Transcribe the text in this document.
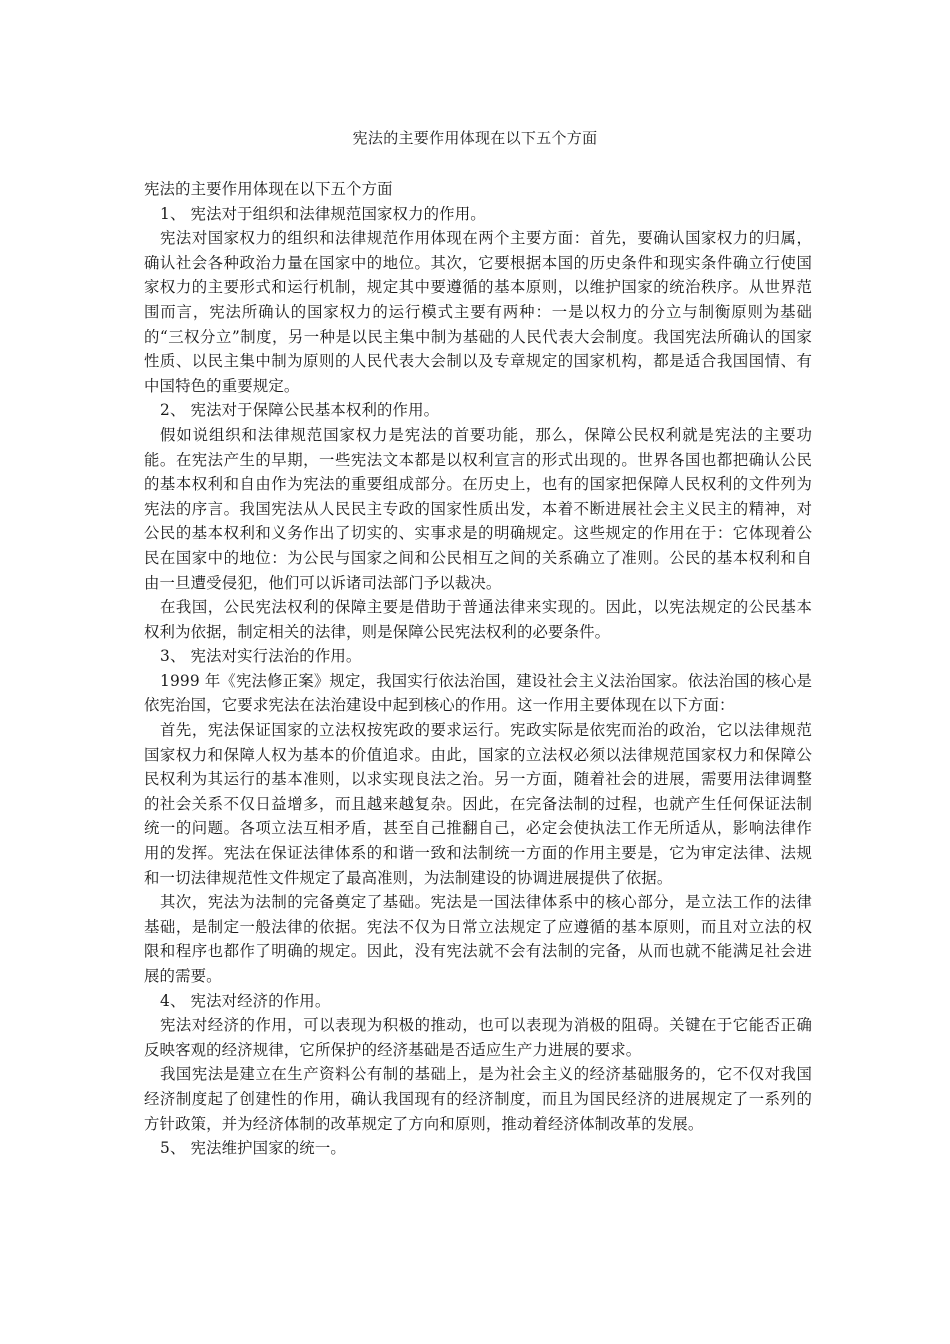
宪法的主要作用体现在以下五个方面

宪法的主要作用体现在以下五个方面

1、 宪法对于组织和法律规范国家权力的作用。

宪法对国家权力的组织和法律规范作用体现在两个主要方面：首先，要确认国家权力的归属，确认社会各种政治力量在国家中的地位。其次，它要根据本国的历史条件和现实条件确立行使国家权力的主要形式和运行机制，规定其中要遵循的基本原则，以维护国家的统治秩序。从世界范围而言，宪法所确认的国家权力的运行模式主要有两种：一是以权力的分立与制衡原则为基础的“三权分立”制度，另一种是以民主集中制为基础的人民代表大会制度。我国宪法所确认的国家性质、以民主集中制为原则的人民代表大会制以及专章规定的国家机构，都是适合我国国情、有中国特色的重要规定。

2、 宪法对于保障公民基本权利的作用。

假如说组织和法律规范国家权力是宪法的首要功能，那么，保障公民权利就是宪法的主要功能。在宪法产生的早期，一些宪法文本都是以权利宣言的形式出现的。世界各国也都把确认公民的基本权利和自由作为宪法的重要组成部分。在历史上，也有的国家把保障人民权利的文件列为宪法的序言。我国宪法从人民民主专政的国家性质出发，本着不断进展社会主义民主的精神，对公民的基本权利和义务作出了切实的、实事求是的明确规定。这些规定的作用在于：它体现着公民在国家中的地位：为公民与国家之间和公民相互之间的关系确立了准则。公民的基本权利和自由一旦遭受侵犯，他们可以诉诸司法部门予以裁决。

在我国，公民宪法权利的保障主要是借助于普通法律来实现的。因此，以宪法规定的公民基本权利为依据，制定相关的法律，则是保障公民宪法权利的必要条件。

3、 宪法对实行法治的作用。

1999 年《宪法修正案》规定，我国实行依法治国，建设社会主义法治国家。依法治国的核心是依宪治国，它要求宪法在法治建设中起到核心的作用。这一作用主要体现在以下方面：

首先，宪法保证国家的立法权按宪政的要求运行。宪政实际是依宪而治的政治，它以法律规范国家权力和保障人权为基本的价值追求。由此，国家的立法权必须以法律规范国家权力和保障公民权利为其运行的基本准则，以求实现良法之治。另一方面，随着社会的进展，需要用法律调整的社会关系不仅日益增多，而且越来越复杂。因此，在完备法制的过程，也就产生任何保证法制统一的问题。各项立法互相矛盾，甚至自己推翻自己，必定会使执法工作无所适从，影响法律作用的发挥。宪法在保证法律体系的和谐一致和法制统一方面的作用主要是，它为审定法律、法规和一切法律规范性文件规定了最高准则，为法制建设的协调进展提供了依据。

其次，宪法为法制的完备奠定了基础。宪法是一国法律体系中的核心部分，是立法工作的法律基础，是制定一般法律的依据。宪法不仅为日常立法规定了应遵循的基本原则，而且对立法的权限和程序也都作了明确的规定。因此，没有宪法就不会有法制的完备，从而也就不能满足社会进展的需要。

4、 宪法对经济的作用。

宪法对经济的作用，可以表现为积极的推动，也可以表现为消极的阻碍。关键在于它能否正确反映客观的经济规律，它所保护的经济基础是否适应生产力进展的要求。

我国宪法是建立在生产资料公有制的基础上，是为社会主义的经济基础服务的，它不仅对我国经济制度起了创建性的作用，确认我国现有的经济制度，而且为国民经济的进展规定了一系列的方针政策，并为经济体制的改革规定了方向和原则，推动着经济体制改革的发展。

5、 宪法维护国家的统一。
